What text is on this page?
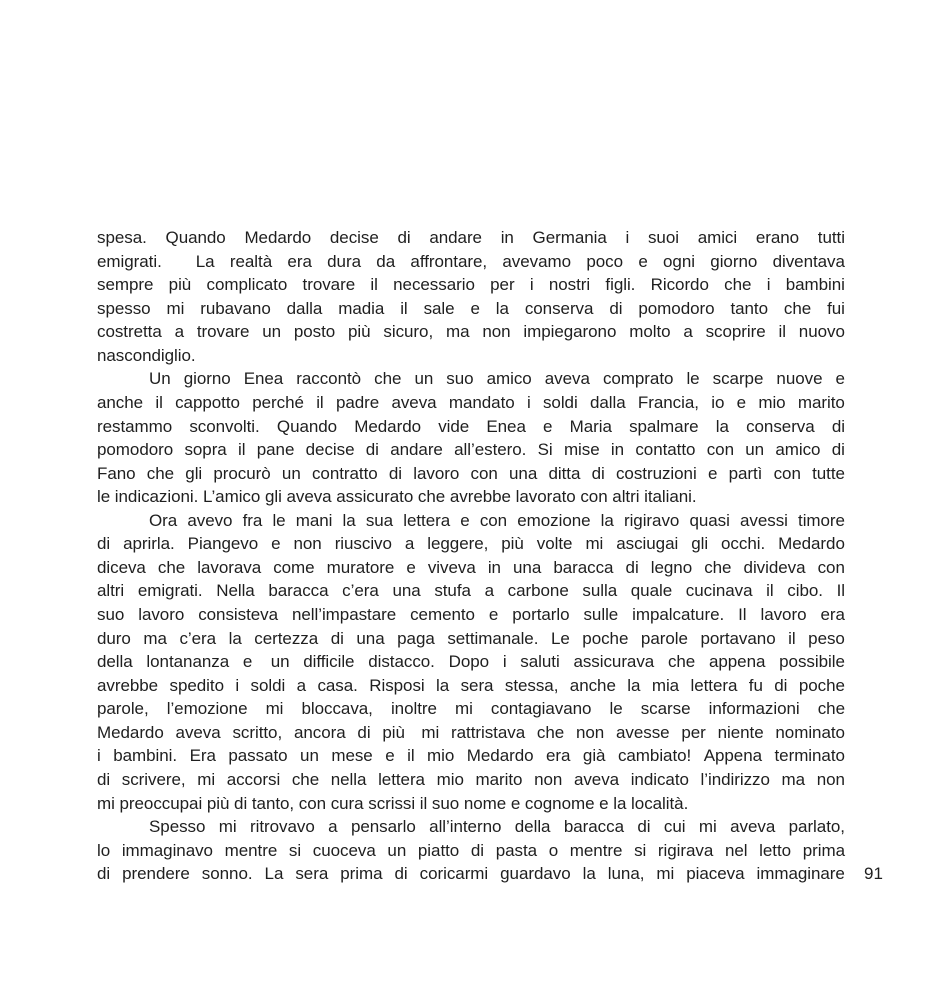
spesa. Quando Medardo decise di andare in Germania i suoi amici erano tutti
emigrati. La realtà era dura da affrontare, avevamo poco e ogni giorno diventava
sempre più complicato trovare il necessario per i nostri figli. Ricordo che i bambini
spesso mi rubavano dalla madia il sale e la conserva di pomodoro tanto che fui
costretta a trovare un posto più sicuro, ma non impiegarono molto a scoprire il nuovo
nascondiglio.
Un giorno Enea raccontò che un suo amico aveva comprato le scarpe nuove e
anche il cappotto perché il padre aveva mandato i soldi dalla Francia, io e mio marito
restammo sconvolti. Quando Medardo vide Enea e Maria spalmare la conserva di
pomodoro sopra il pane decise di andare all’estero. Si mise in contatto con un amico di
Fano che gli procurò un contratto di lavoro con una ditta di costruzioni e partì con tutte
le indicazioni. L’amico gli aveva assicurato che avrebbe lavorato con altri italiani.
Ora avevo fra le mani la sua lettera e con emozione la rigiravo quasi avessi timore
di aprirla. Piangevo e non riuscivo a leggere, più volte mi asciugai gli occhi. Medardo
diceva che lavorava come muratore e viveva in una baracca di legno che divideva con
altri emigrati. Nella baracca c’era una stufa a carbone sulla quale cucinava il cibo. Il
suo lavoro consisteva nell’impastare cemento e portarlo sulle impalcature. Il lavoro era
duro ma c’era la certezza di una paga settimanale. Le poche parole portavano il peso
della lontananza e un difficile distacco. Dopo i saluti assicurava che appena possibile
avrebbe spedito i soldi a casa. Risposi la sera stessa, anche la mia lettera fu di poche
parole, l’emozione mi bloccava, inoltre mi contagiavano le scarse informazioni che
Medardo aveva scritto, ancora di più mi rattristava che non avesse per niente nominato
i bambini. Era passato un mese e il mio Medardo era già cambiato! Appena terminato
di scrivere, mi accorsi che nella lettera mio marito non aveva indicato l’indirizzo ma non
mi preoccupai più di tanto, con cura scrissi il suo nome e cognome e la località.
Spesso mi ritrovavo a pensarlo all’interno della baracca di cui mi aveva parlato,
lo immaginavo mentre si cuoceva un piatto di pasta o mentre si rigirava nel letto prima
di prendere sonno. La sera prima di coricarmi guardavo la luna, mi piaceva immaginare 91
